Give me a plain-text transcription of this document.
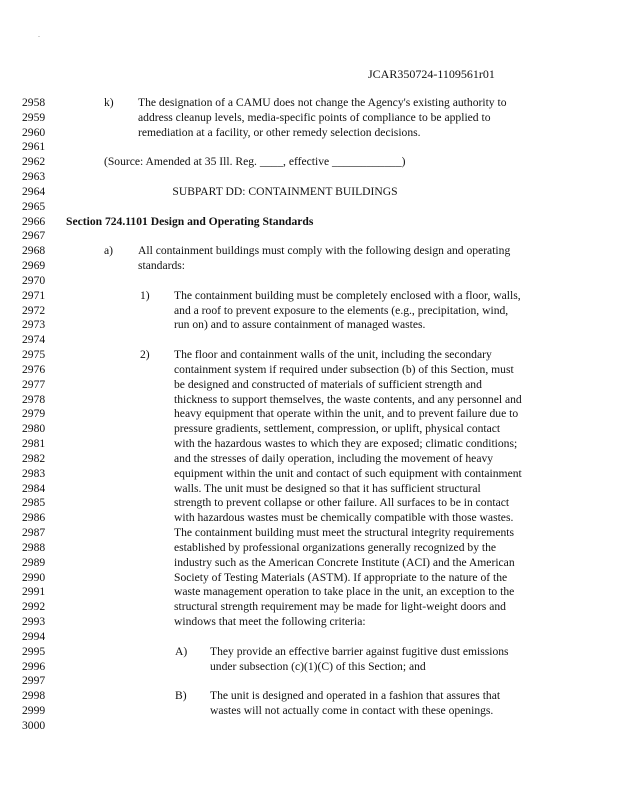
.
JCAR350724-1109561r01
2958	k) The designation of a CAMU does not change the Agency's existing authority to
2959	address cleanup levels, media-specific points of compliance to be applied to
2960	remediation at a facility, or other remedy selection decisions.
2961
2962	(Source: Amended at 35 Ill. Reg. ____, effective ____________)
2963
2964	SUBPART DD: CONTAINMENT BUILDINGS
2965
2966 Section 724.1101 Design and Operating Standards
2967
2968	a) All containment buildings must comply with the following design and operating
2969	standards:
2970
2971	1) The containment building must be completely enclosed with a floor, walls,
2972	and a roof to prevent exposure to the elements (e.g., precipitation, wind,
2973	run on) and to assure containment of managed wastes.
2974
2975	2) The floor and containment walls of the unit, including the secondary
2976	containment system if required under subsection (b) of this Section, must
2977	be designed and constructed of materials of sufficient strength and
2978	thickness to support themselves, the waste contents, and any personnel and
2979	heavy equipment that operate within the unit, and to prevent failure due to
2980	pressure gradients, settlement, compression, or uplift, physical contact
2981	with the hazardous wastes to which they are exposed; climatic conditions;
2982	and the stresses of daily operation, including the movement of heavy
2983	equipment within the unit and contact of such equipment with containment
2984	walls. The unit must be designed so that it has sufficient structural
2985	strength to prevent collapse or other failure. All surfaces to be in contact
2986	with hazardous wastes must be chemically compatible with those wastes.
2987	The containment building must meet the structural integrity requirements
2988	established by professional organizations generally recognized by the
2989	industry such as the American Concrete Institute (ACI) and the American
2990	Society of Testing Materials (ASTM). If appropriate to the nature of the
2991	waste management operation to take place in the unit, an exception to the
2992	structural strength requirement may be made for light-weight doors and
2993	windows that meet the following criteria:
2994
2995	A) They provide an effective barrier against fugitive dust emissions
2996	under subsection (c)(1)(C) of this Section; and
2997
2998	B) The unit is designed and operated in a fashion that assures that
2999	wastes will not actually come in contact with these openings.
3000
